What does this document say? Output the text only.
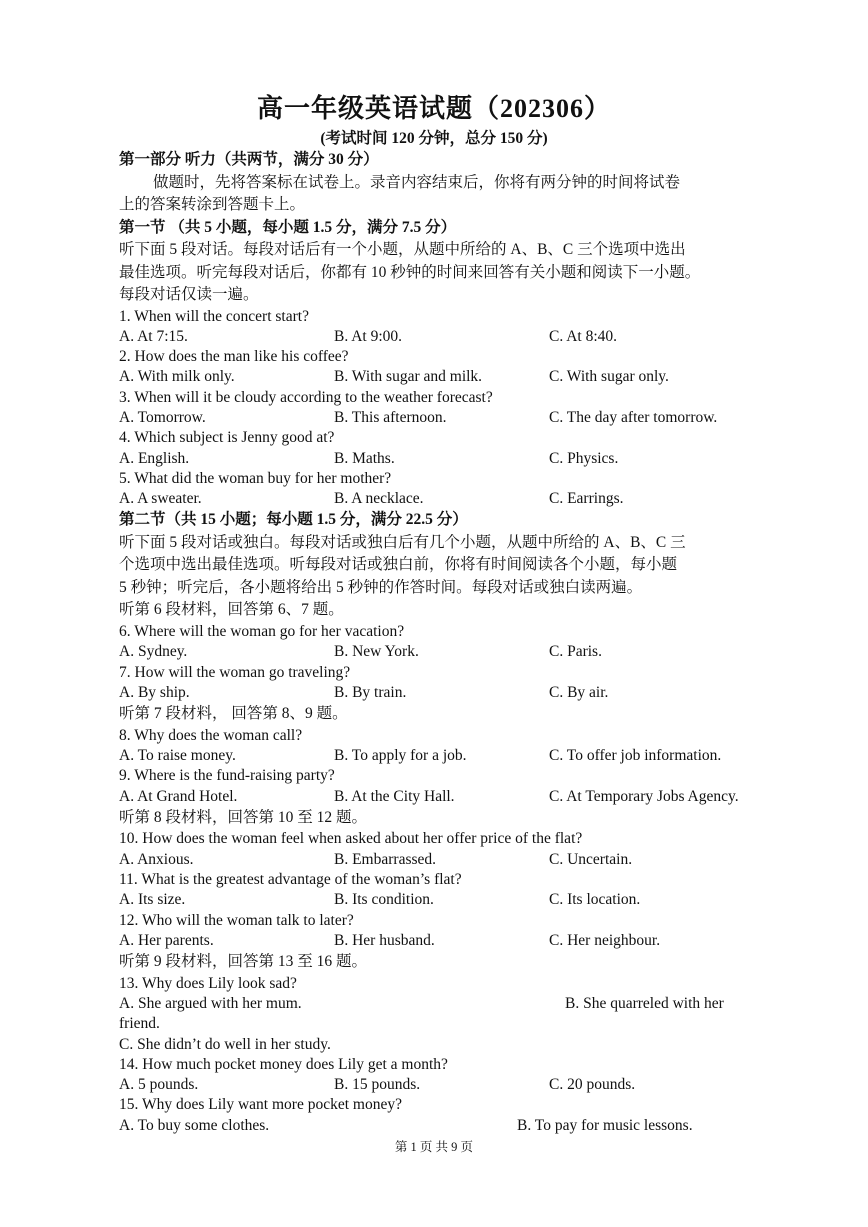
高一年级英语试题（202306）
(考试时间 120 分钟，总分 150 分)
第一部分 听力（共两节，满分 30 分）
做题时，先将答案标在试卷上。录音内容结束后，你将有两分钟的时间将试卷
上的答案转涂到答题卡上。
第一节 （共 5 小题，每小题 1.5 分，满分 7.5 分）
听下面 5 段对话。每段对话后有一个小题，从题中所给的 A、B、C 三个选项中选出
最佳选项。听完每段对话后，你都有 10 秒钟的时间来回答有关小题和阅读下一小题。
每段对话仅读一遍。
1. When will the concert start?
A. At 7:15.	B. At 9:00.	C. At 8:40.
2. How does the man like his coffee?
A. With milk only.	B. With sugar and milk.	C. With sugar only.
3. When will it be cloudy according to the weather forecast?
A. Tomorrow.	B. This afternoon.	C. The day after tomorrow.
4. Which subject is Jenny good at?
A. English.	B. Maths.	C. Physics.
5. What did the woman buy for her mother?
A. A sweater.	B. A necklace.	C. Earrings.
第二节（共 15 小题；每小题 1.5 分，满分 22.5 分）
听下面 5 段对话或独白。每段对话或独白后有几个小题，从题中所给的 A、B、C 三
个选项中选出最佳选项。听每段对话或独白前，你将有时间阅读各个小题，每小题
5 秒钟；听完后，各小题将给出 5 秒钟的作答时间。每段对话或独白读两遍。
听第 6 段材料，回答第 6、7 题。
6. Where will the woman go for her vacation?
A. Sydney.	B. New York.	C. Paris.
7. How will the woman go traveling?
A. By ship.	B. By train.	C. By air.
听第 7 段材料， 回答第 8、9 题。
8. Why does the woman call?
A. To raise money.	B. To apply for a job.	C. To offer job information.
9. Where is the fund-raising party?
A. At Grand Hotel.	B. At the City Hall.	C. At Temporary Jobs Agency.
听第 8 段材料，回答第 10 至 12 题。
10. How does the woman feel when asked about her offer price of the flat?
A. Anxious.	B. Embarrassed.	C. Uncertain.
11. What is the greatest advantage of the woman’s flat?
A. Its size.	B. Its condition.	C. Its location.
12. Who will the woman talk to later?
A. Her parents.	B. Her husband.	C. Her neighbour.
听第 9 段材料，回答第 13 至 16 题。
13. Why does Lily look sad?
A. She argued with her mum.	B. She quarreled with her
friend.
C. She didn’t do well in her study.
14. How much pocket money does Lily get a month?
A. 5 pounds.	B. 15 pounds.	C. 20 pounds.
15. Why does Lily want more pocket money?
A. To buy some clothes.	B. To pay for music lessons.
第 1 页 共 9 页
